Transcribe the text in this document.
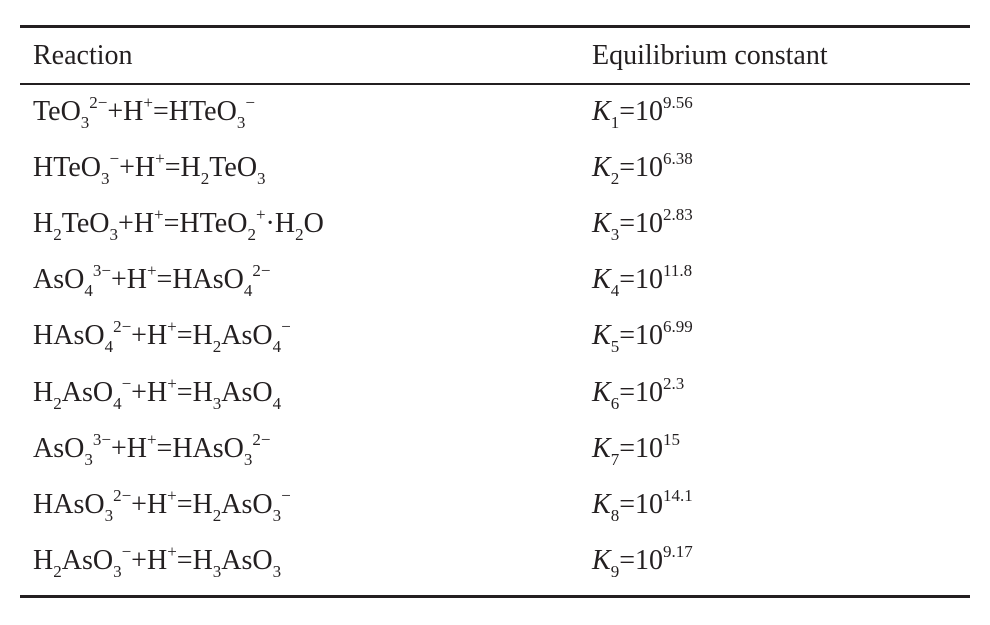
Reaction	Equilibrium constant
TeO$_3^{2-}$+H+=HTeO$_3$−	$K_1=10^{9.56}$
$HTeO_3^-+H^+=H_2TeO_3$	$K_2=10^{6.38}$
$H_2TeO_3+H^+=HTeO_2^+\cdot H_2O$	$K_3=10^{2.83}$
AsO$_4^{3-}$+H+=HAsO$_4^{2-}$	$K_4=10^{11.8}$
$HAsO_4^{2-}+H^+=H_2AsO_4^-$	$K_5=10^{6.99}$
$H_2AsO_4^-+H^+=H_3AsO_4$	$K_6=10^{2.3}$
AsO$_3^{3-}$+H+=HAsO$_3^{2-}$	$K_7=10^{15}$
$HAsO_3^{2-}+H^+=H_2AsO_3^-$	$K_8=10^{14.1}$
$H_2AsO_3^-+H^+=H_3AsO_3$	$K_9=10^{9.17}$
